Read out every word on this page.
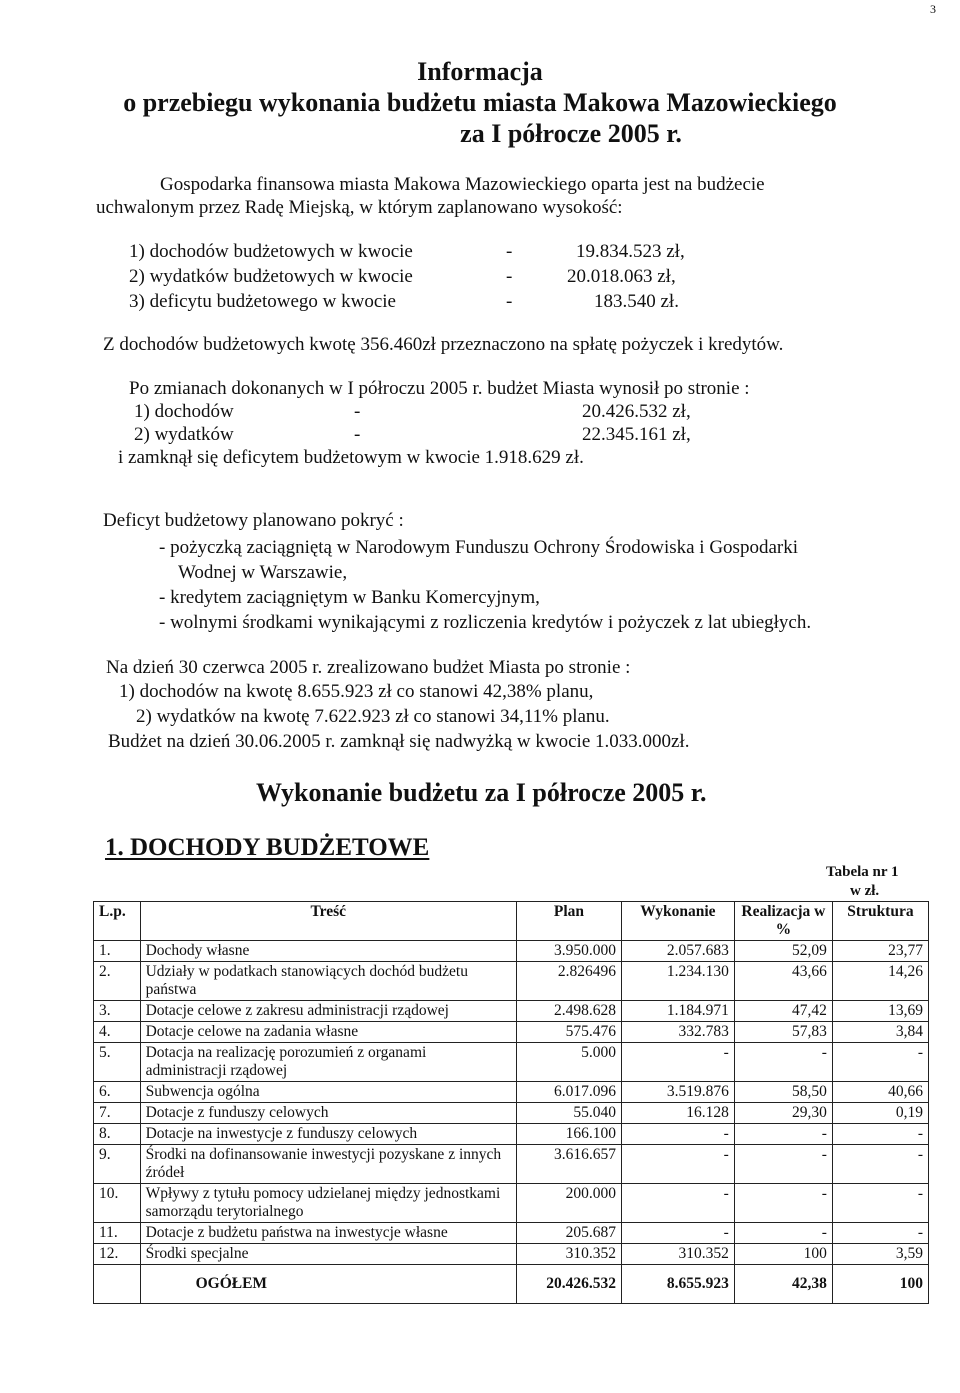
3
Informacja
o przebiegu wykonania budżetu miasta Makowa Mazowieckiego
za I półrocze 2005 r.
Gospodarka finansowa miasta Makowa Mazowieckiego oparta jest na budżecie
uchwalonym przez Radę Miejską, w którym zaplanowano wysokość:
1) dochodów budżetowych w kwocie	-	19.834.523 zł,
2) wydatków budżetowych w kwocie	-	20.018.063 zł,
3) deficytu budżetowego w kwocie	-	183.540 zł.
Z dochodów budżetowych kwotę 356.460zł przeznaczono na spłatę pożyczek i kredytów.
Po zmianach dokonanych w I półroczu 2005 r. budżet Miasta wynosił po stronie :
1) dochodów	-	20.426.532 zł,
2) wydatków	-	22.345.161 zł,
i zamknął się deficytem budżetowym w kwocie 1.918.629 zł.
Deficyt budżetowy planowano pokryć :
- pożyczką zaciągniętą w Narodowym Funduszu Ochrony Środowiska i Gospodarki
Wodnej w Warszawie,
- kredytem zaciągniętym w Banku Komercyjnym,
- wolnymi środkami wynikającymi z rozliczenia kredytów i pożyczek z lat ubiegłych.
Na dzień 30 czerwca 2005 r. zrealizowano budżet Miasta po stronie :
1) dochodów na kwotę 8.655.923 zł co stanowi 42,38% planu,
2) wydatków na kwotę 7.622.923 zł co stanowi 34,11% planu.
Budżet na dzień 30.06.2005 r. zamknął się nadwyżką w kwocie 1.033.000zł.
Wykonanie budżetu za I półrocze 2005 r.
1. DOCHODY BUDŻETOWE
Tabela nr 1
w zł.
L.p.	Treść	Plan	Wykonanie	Realizacja w %	Struktura
1.	Dochody własne	3.950.000	2.057.683	52,09	23,77
2.	Udziały w podatkach stanowiących dochód budżetu państwa	2.826496	1.234.130	43,66	14,26
3.	Dotacje celowe z zakresu administracji rządowej	2.498.628	1.184.971	47,42	13,69
4.	Dotacje celowe na zadania własne	575.476	332.783	57,83	3,84
5.	Dotacja na realizację porozumień z organami administracji rządowej	5.000	-	-	-
6.	Subwencja ogólna	6.017.096	3.519.876	58,50	40,66
7.	Dotacje z funduszy celowych	55.040	16.128	29,30	0,19
8.	Dotacje na inwestycje z funduszy celowych	166.100	-	-	-
9.	Środki na dofinansowanie inwestycji pozyskane z innych źródeł	3.616.657	-	-	-
10.	Wpływy z tytułu pomocy udzielanej między jednostkami samorządu terytorialnego	200.000	-	-	-
11.	Dotacje z budżetu państwa na inwestycje własne	205.687	-	-	-
12.	Środki specjalne	310.352	310.352	100	3,59
	OGÓŁEM	20.426.532	8.655.923	42,38	100
